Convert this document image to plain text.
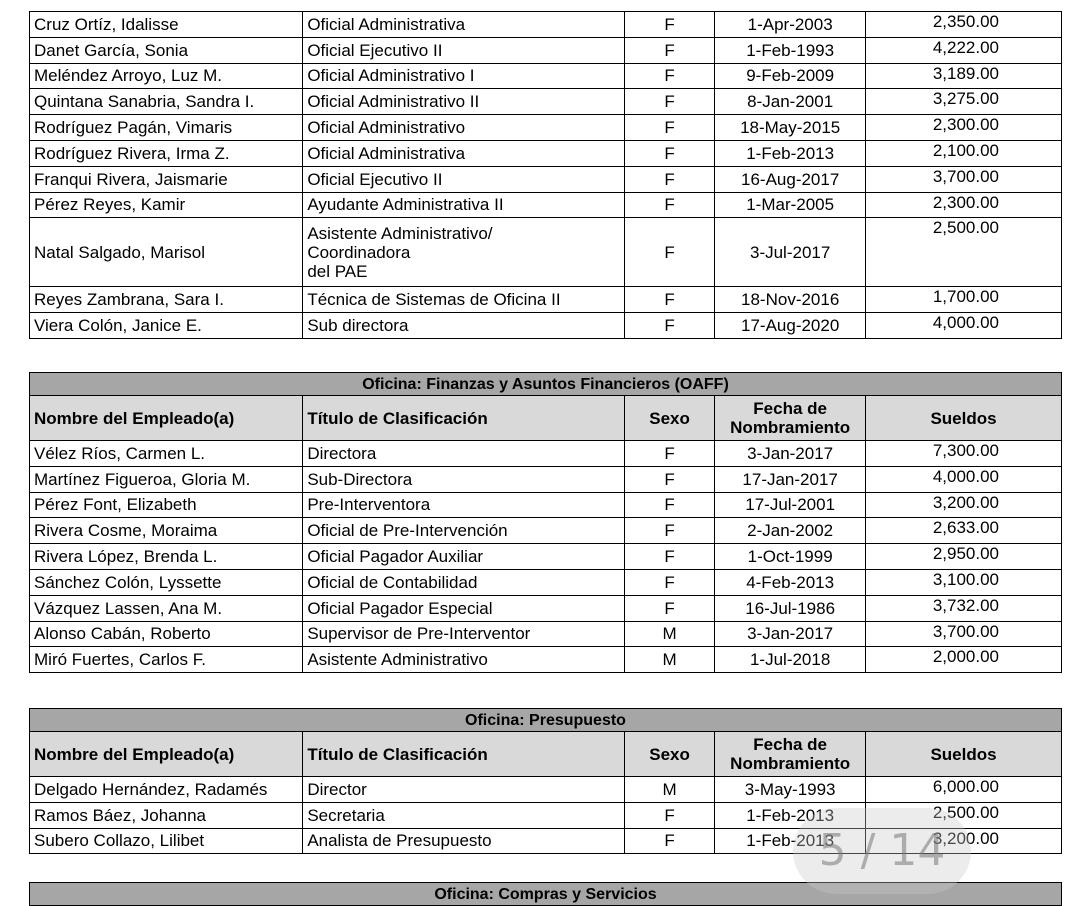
Cruz Ortíz, Idalisse	Oficial Administrativa	F	1-Apr-2003	2,350.00
Danet García, Sonia	Oficial Ejecutivo II	F	1-Feb-1993	4,222.00
Meléndez Arroyo, Luz M.	Oficial Administrativo I	F	9-Feb-2009	3,189.00
Quintana Sanabria, Sandra I.	Oficial Administrativo II	F	8-Jan-2001	3,275.00
Rodríguez Pagán, Vimaris	Oficial Administrativo	F	18-May-2015	2,300.00
Rodríguez Rivera, Irma Z.	Oficial Administrativa	F	1-Feb-2013	2,100.00
Franqui Rivera, Jaismarie	Oficial Ejecutivo II	F	16-Aug-2017	3,700.00
Pérez Reyes, Kamir	Ayudante Administrativa II	F	1-Mar-2005	2,300.00
Natal Salgado, Marisol	Asistente Administrativo/
Coordinadora
del PAE	F	3-Jul-2017	2,500.00
Reyes Zambrana, Sara I.	Técnica de Sistemas de Oficina II	F	18-Nov-2016	1,700.00
Viera Colón, Janice E.	Sub directora	F	17-Aug-2020	4,000.00
Oficina: Finanzas y Asuntos Financieros (OAFF)				
Nombre del Empleado(a)	Título de Clasificación	Sexo	Fecha de
Nombramiento	Sueldos
Vélez Ríos, Carmen L.	Directora	F	3-Jan-2017	7,300.00
Martínez Figueroa, Gloria M.	Sub-Directora	F	17-Jan-2017	4,000.00
Pérez Font, Elizabeth	Pre-Interventora	F	17-Jul-2001	3,200.00
Rivera Cosme, Moraima	Oficial de Pre-Intervención	F	2-Jan-2002	2,633.00
Rivera López, Brenda L.	Oficial Pagador Auxiliar	F	1-Oct-1999	2,950.00
Sánchez Colón, Lyssette	Oficial de Contabilidad	F	4-Feb-2013	3,100.00
Vázquez Lassen, Ana M.	Oficial Pagador Especial	F	16-Jul-1986	3,732.00
Alonso Cabán, Roberto	Supervisor de Pre-Interventor	M	3-Jan-2017	3,700.00
Miró Fuertes, Carlos F.	Asistente Administrativo	M	1-Jul-2018	2,000.00
Oficina: Presupuesto				
Nombre del Empleado(a)	Título de Clasificación	Sexo	Fecha de
Nombramiento	Sueldos
Delgado Hernández, Radamés	Director	M	3-May-1993	6,000.00
Ramos Báez, Johanna	Secretaria	F	1-Feb-2013	2,500.00
Subero Collazo, Lilibet	Analista de Presupuesto	F	1-Feb-2013	3,200.00
Oficina: Compras y Servicios
5 / 14
